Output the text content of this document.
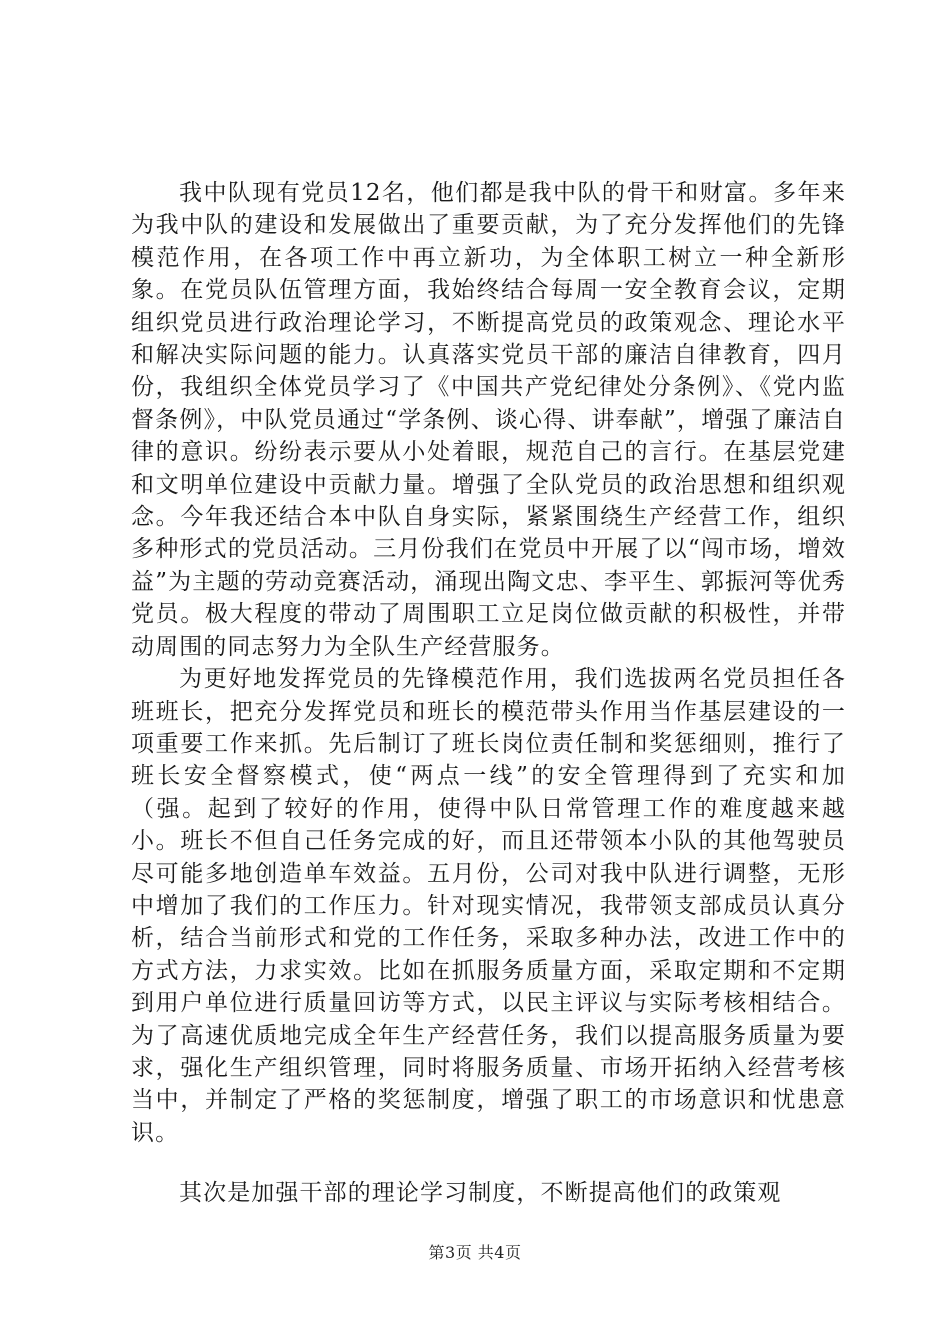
我中队现有党员12名，他们都是我中队的骨干和财富。多年来为我中队的建设和发展做出了重要贡献，为了充分发挥他们的先锋模范作用，在各项工作中再立新功，为全体职工树立一种全新形象。在党员队伍管理方面，我始终结合每周一安全教育会议，定期组织党员进行政治理论学习，不断提高党员的政策观念、理论水平和解决实际问题的能力。认真落实党员干部的廉洁自律教育，四月份，我组织全体党员学习了《中国共产党纪律处分条例》、《党内监督条例》，中队党员通过“学条例、谈心得、讲奉献”，增强了廉洁自律的意识。纷纷表示要从小处着眼，规范自己的言行。在基层党建和文明单位建设中贡献力量。增强了全队党员的政治思想和组织观念。今年我还结合本中队自身实际，紧紧围绕生产经营工作，组织多种形式的党员活动。三月份我们在党员中开展了以“闯市场，增效益”为主题的劳动竞赛活动，涌现出陶文忠、李平生、郭振河等优秀党员。极大程度的带动了周围职工立足岗位做贡献的积极性，并带动周围的同志努力为全队生产经营服务。

为更好地发挥党员的先锋模范作用，我们选拔两名党员担任各班班长，把充分发挥党员和班长的模范带头作用当作基层建设的一项重要工作来抓。先后制订了班长岗位责任制和奖惩细则，推行了班长安全督察模式，使“两点一线”的安全管理得到了充实和加（强。起到了较好的作用，使得中队日常管理工作的难度越来越小。班长不但自己任务完成的好，而且还带领本小队的其他驾驶员尽可能多地创造单车效益。五月份，公司对我中队进行调整，无形中增加了我们的工作压力。针对现实情况，我带领支部成员认真分析，结合当前形式和党的工作任务，采取多种办法，改进工作中的方式方法，力求实效。比如在抓服务质量方面，采取定期和不定期到用户单位进行质量回访等方式，以民主评议与实际考核相结合。为了高速优质地完成全年生产经营任务，我们以提高服务质量为要求，强化生产组织管理，同时将服务质量、市场开拓纳入经营考核当中，并制定了严格的奖惩制度，增强了职工的市场意识和忧患意识。

其次是加强干部的理论学习制度，不断提高他们的政策观

第3页 共4页
